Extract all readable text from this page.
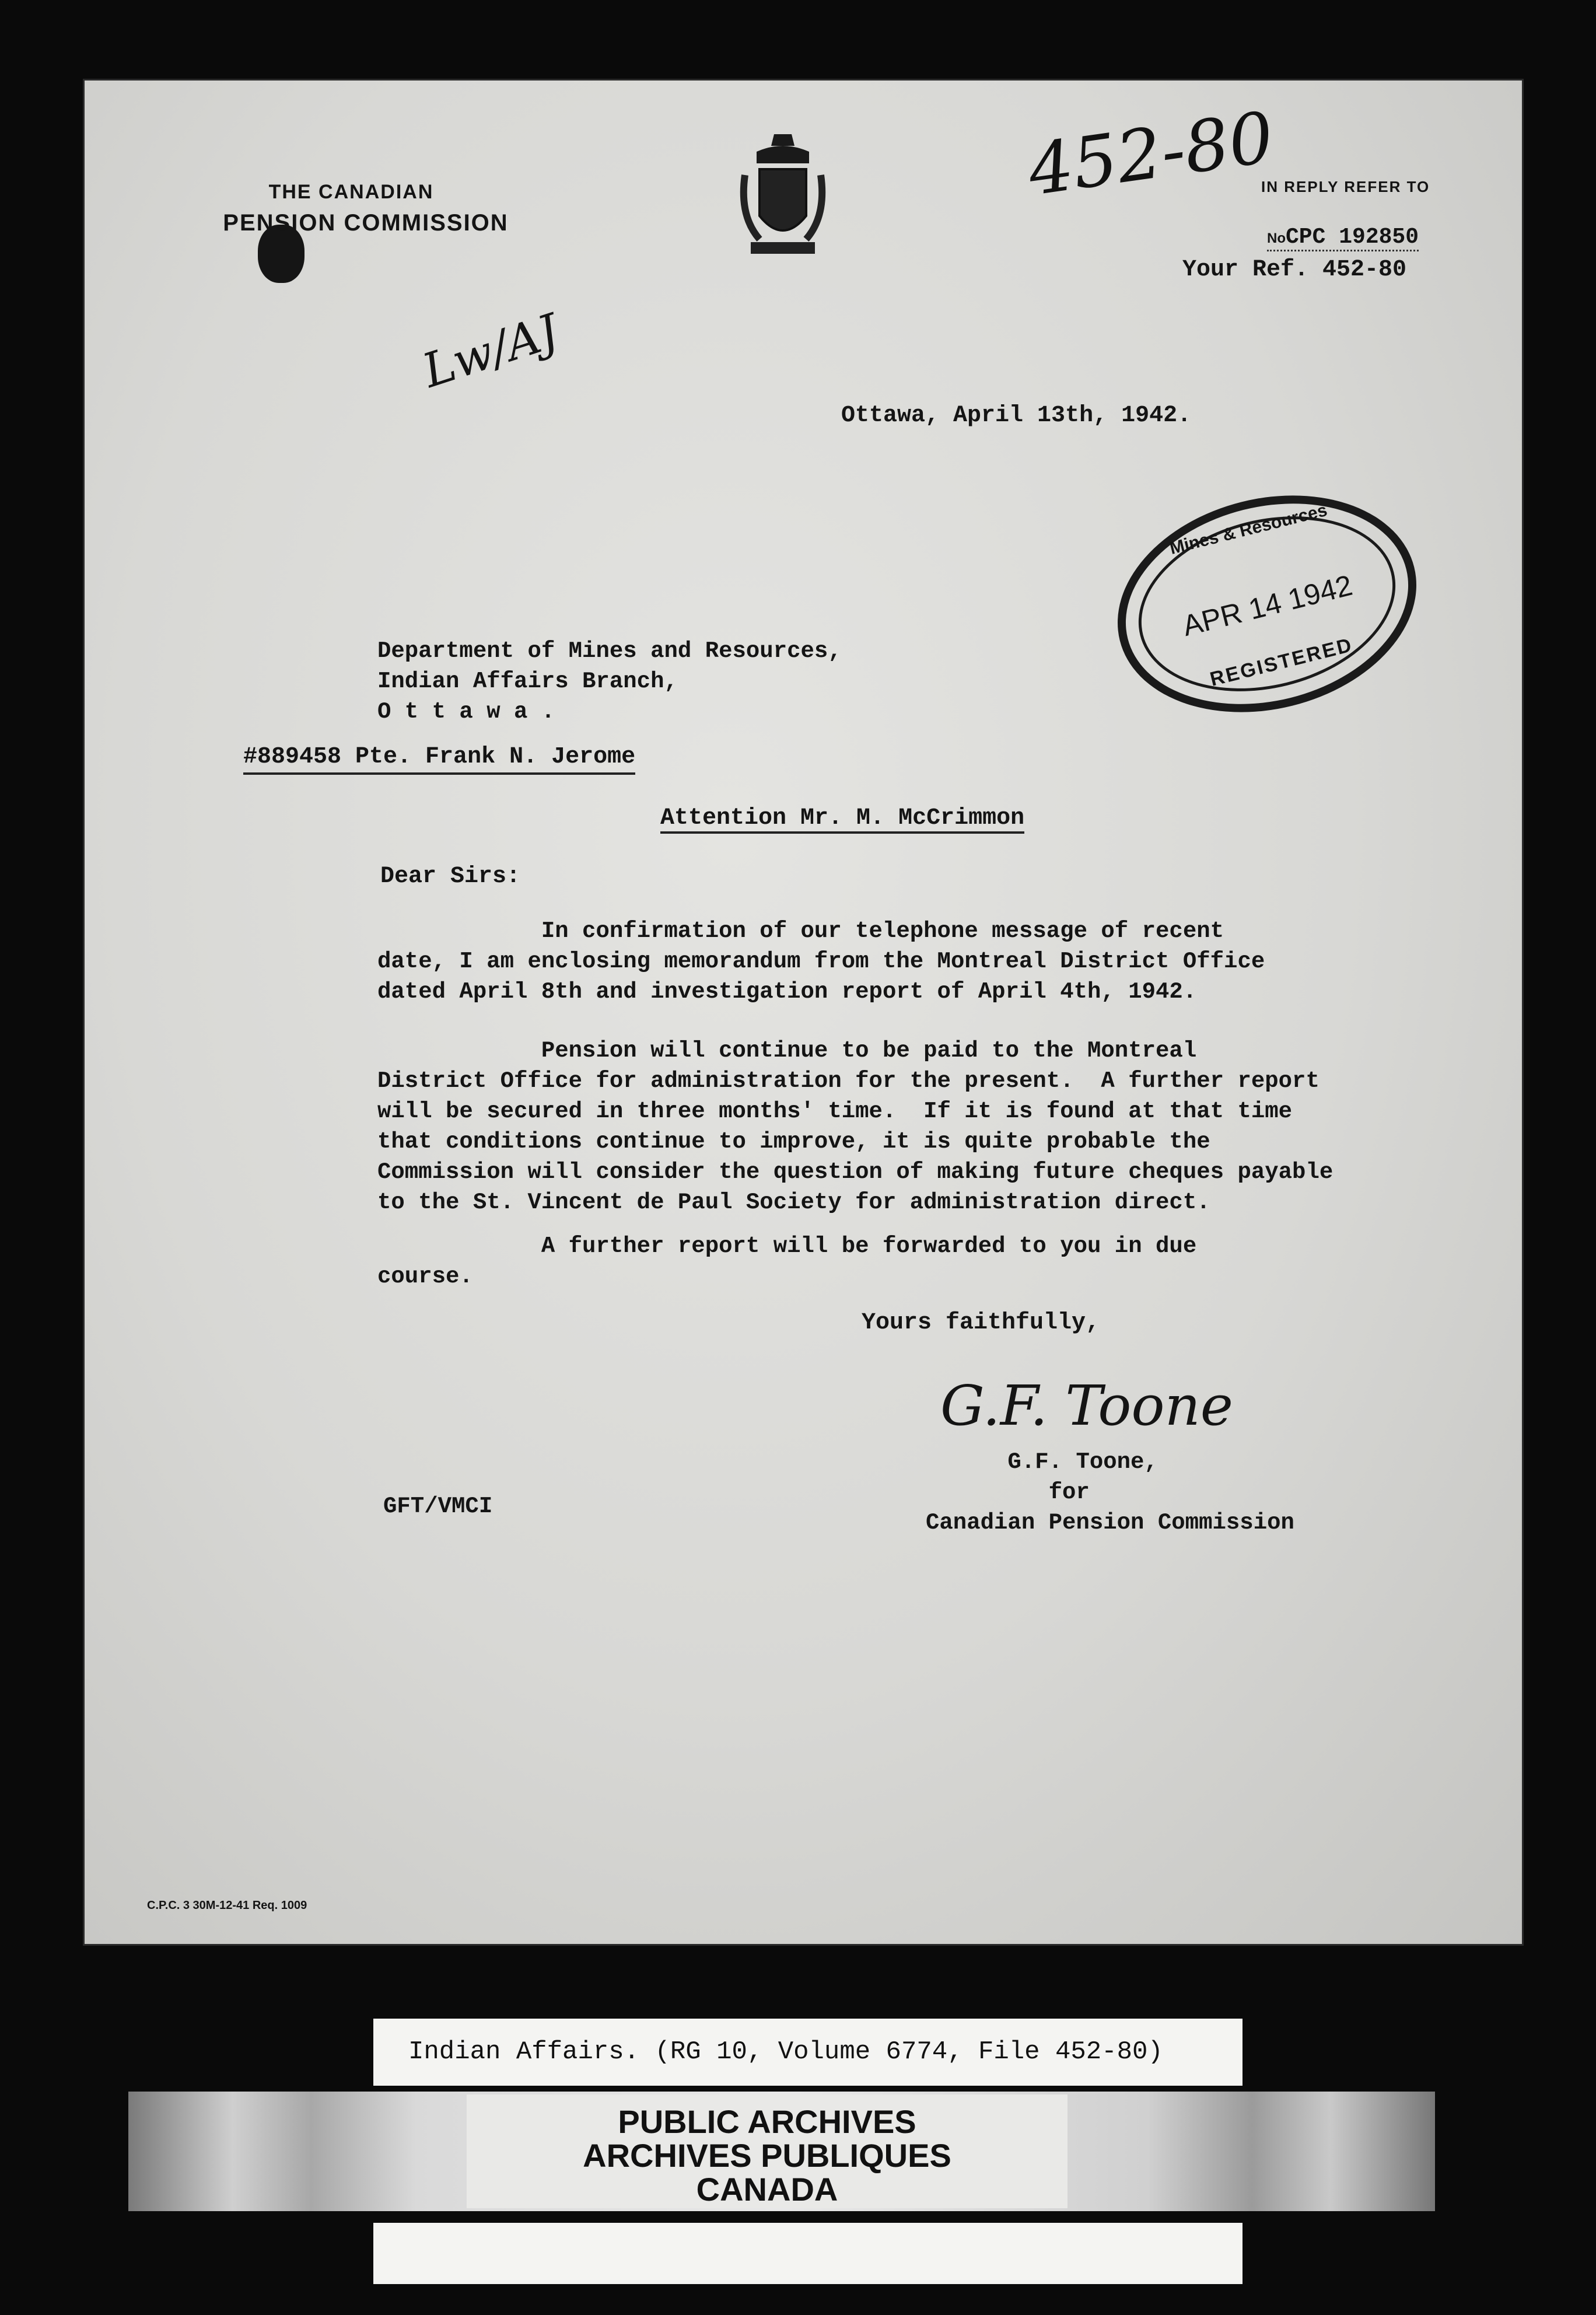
THE CANADIAN
PENSION COMMISSION
IN REPLY REFER TO
NoCPC 192850
Your Ref. 452-80
452-80
Lw/AJ
Ottawa, April 13th, 1942.
Mines & Resources
APR 14 1942
REGISTERED
Department of Mines and Resources,
Indian Affairs Branch,
O t t a w a .
#889458 Pte. Frank N. Jerome
Attention Mr. M. McCrimmon
Dear Sirs:
In confirmation of our telephone message of recent
date, I am enclosing memorandum from the Montreal District Office
dated April 8th and investigation report of April 4th, 1942.
Pension will continue to be paid to the Montreal
District Office for administration for the present.  A further report
will be secured in three months' time.  If it is found at that time
that conditions continue to improve, it is quite probable the
Commission will consider the question of making future cheques payable
to the St. Vincent de Paul Society for administration direct.
A further report will be forwarded to you in due
course.
Yours faithfully,
G.F. Toone
G.F. Toone,
for
Canadian Pension Commission
GFT/VMCI
C.P.C. 3 30M-12-41 Req. 1009
Indian Affairs. (RG 10, Volume 6774, File 452-80)
PUBLIC ARCHIVES
ARCHIVES PUBLIQUES
CANADA
